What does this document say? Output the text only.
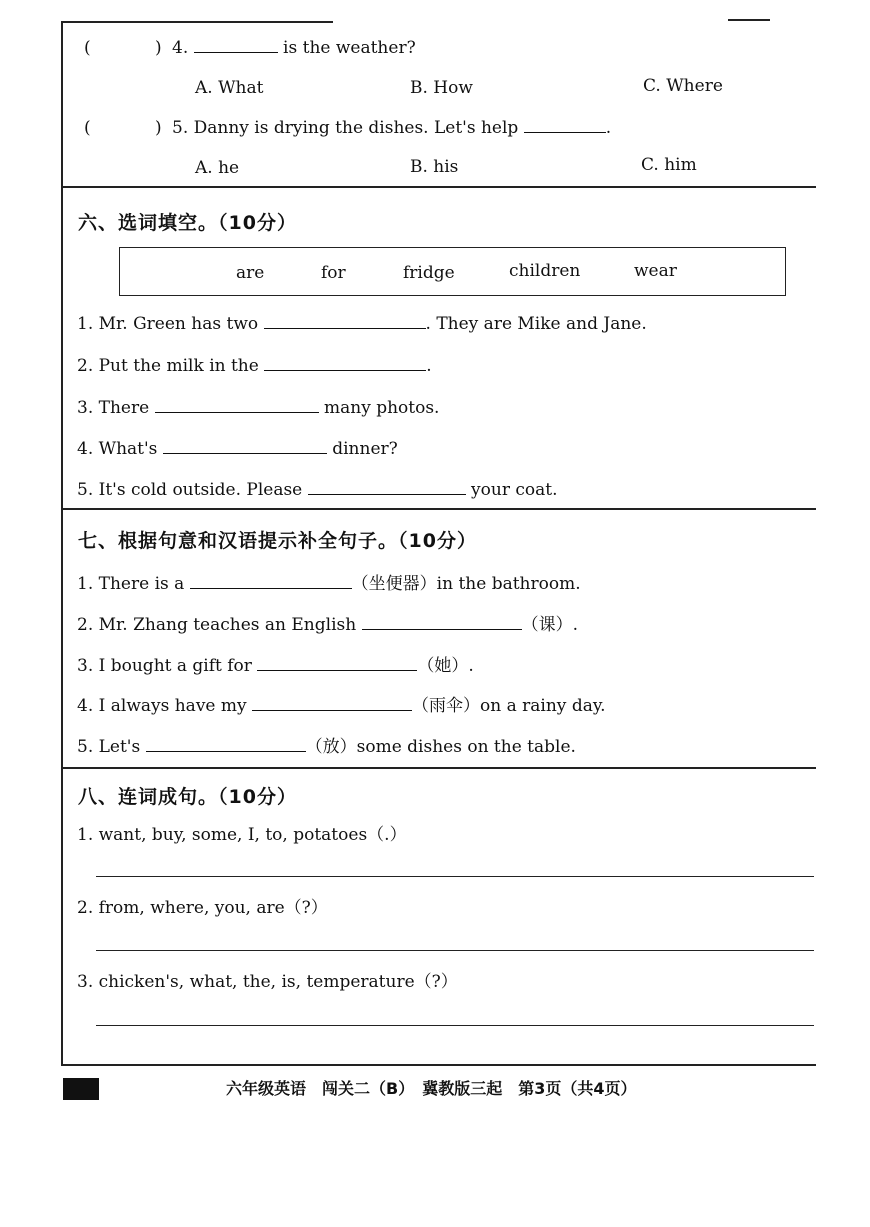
(	) 4.	is the weather?
A. What	B. How	C. Where
(	) 5. Danny is drying the dishes. Let's help	.
A. he	B. his	C. him
六、选词填空。（10分）
are	for	fridge	children	wear
1. Mr. Green has two	. They are Mike and Jane.
2. Put the milk in the	.
3. There	many photos.
4. What's	dinner?
5. It's cold outside. Please	your coat.
七、根据句意和汉语提示补全句子。（10分）
1. There is a	（坐便器）in the bathroom.
2. Mr. Zhang teaches an English	（课）.
3. I bought a gift for	（她）.
4. I always have my	（雨伞）on a rainy day.
5. Let's	（放）some dishes on the table.
八、连词成句。（10分）
1. want, buy, some, I, to, potatoes（.）
2. from, where, you, are（?）
3. chicken's, what, the, is, temperature（?）
六年级英语　闯关二（B）　冀教版三起　第3页（共4页）
